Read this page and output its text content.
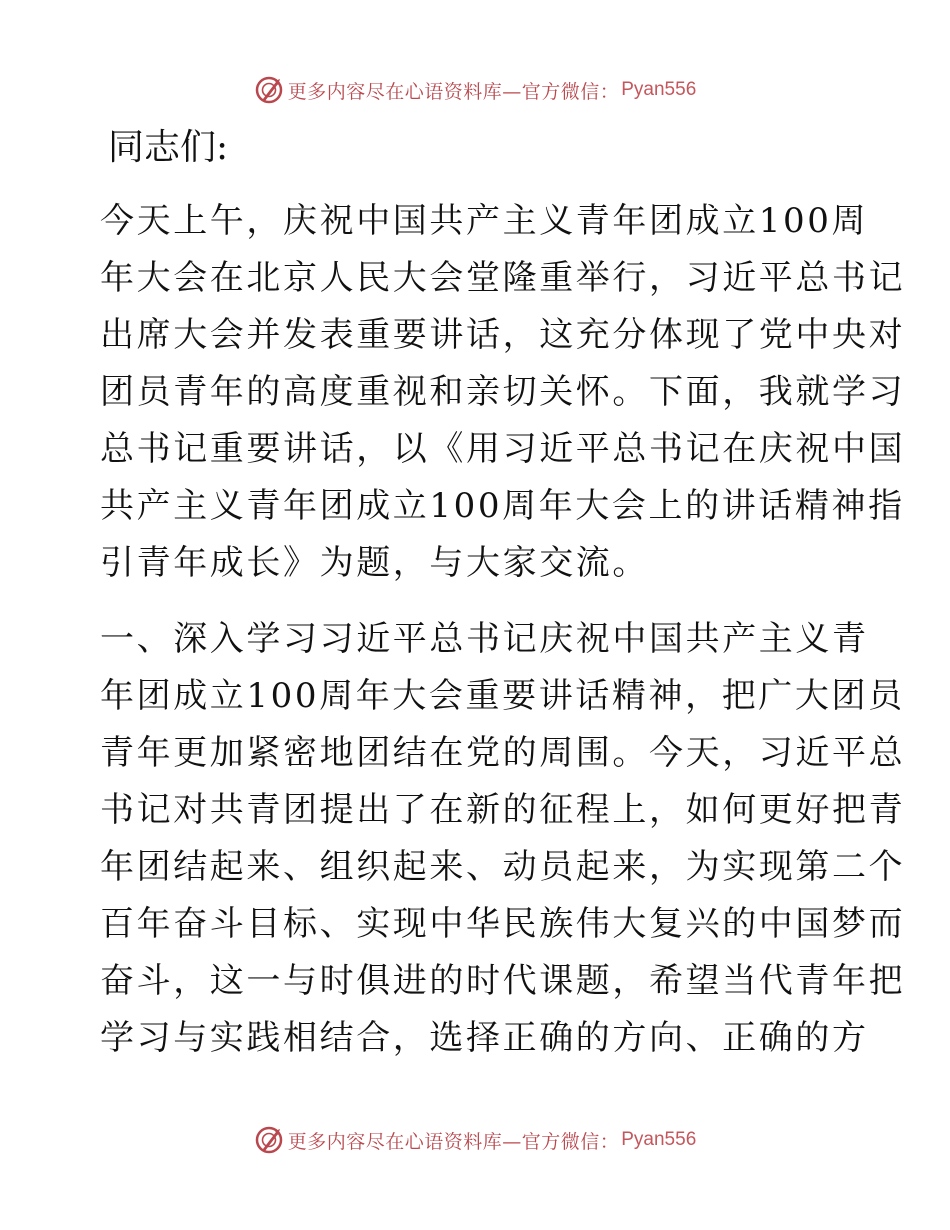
更多内容尽在心语资料库—官方微信： Pyan556
同志们:
今天上午，庆祝中国共产主义青年团成立100周
年大会在北京人民大会堂隆重举行，习近平总书记
出席大会并发表重要讲话，这充分体现了党中央对
团员青年的高度重视和亲切关怀。下面，我就学习
总书记重要讲话，以《用习近平总书记在庆祝中国
共产主义青年团成立100周年大会上的讲话精神指
引青年成长》为题，与大家交流。
一、深入学习习近平总书记庆祝中国共产主义青
年团成立100周年大会重要讲话精神，把广大团员
青年更加紧密地团结在党的周围。今天，习近平总
书记对共青团提出了在新的征程上，如何更好把青
年团结起来、组织起来、动员起来，为实现第二个
百年奋斗目标、实现中华民族伟大复兴的中国梦而
奋斗，这一与时俱进的时代课题，希望当代青年把
学习与实践相结合，选择正确的方向、正确的方
更多内容尽在心语资料库—官方微信： Pyan556
